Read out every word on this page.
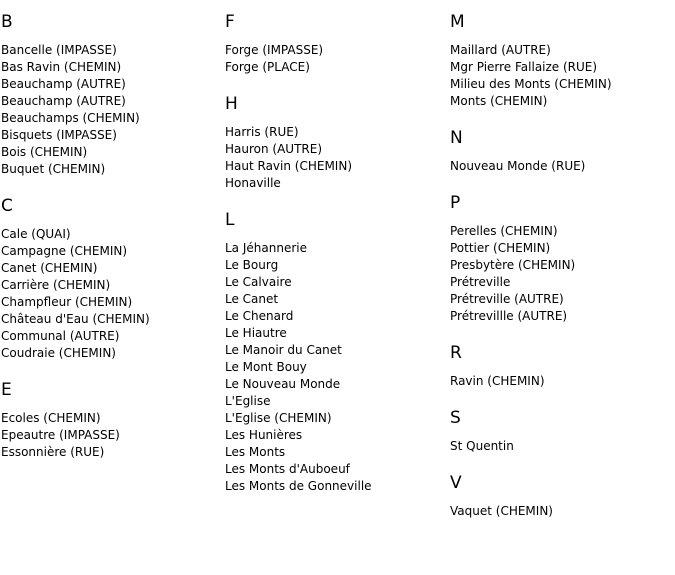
B
Bancelle (IMPASSE)
Bas Ravin (CHEMIN)
Beauchamp (AUTRE)
Beauchamp (AUTRE)
Beauchamps (CHEMIN)
Bisquets (IMPASSE)
Bois (CHEMIN)
Buquet (CHEMIN)
C
Cale (QUAI)
Campagne (CHEMIN)
Canet (CHEMIN)
Carrière (CHEMIN)
Champfleur (CHEMIN)
Château d'Eau (CHEMIN)
Communal (AUTRE)
Coudraie (CHEMIN)
E
Ecoles (CHEMIN)
Epeautre (IMPASSE)
Essonnière (RUE)
F
Forge (IMPASSE)
Forge (PLACE)
H
Harris (RUE)
Hauron (AUTRE)
Haut Ravin (CHEMIN)
Honaville
L
La Jéhannerie
Le Bourg
Le Calvaire
Le Canet
Le Chenard
Le Hiautre
Le Manoir du Canet
Le Mont Bouy
Le Nouveau Monde
L'Eglise
L'Eglise (CHEMIN)
Les Hunières
Les Monts
Les Monts d'Auboeuf
Les Monts de Gonneville
M
Maillard (AUTRE)
Mgr Pierre Fallaize (RUE)
Milieu des Monts (CHEMIN)
Monts (CHEMIN)
N
Nouveau Monde (RUE)
P
Perelles (CHEMIN)
Pottier (CHEMIN)
Presbytère (CHEMIN)
Prétreville
Prétreville (AUTRE)
Prétrevillle (AUTRE)
R
Ravin (CHEMIN)
S
St Quentin
V
Vaquet (CHEMIN)
